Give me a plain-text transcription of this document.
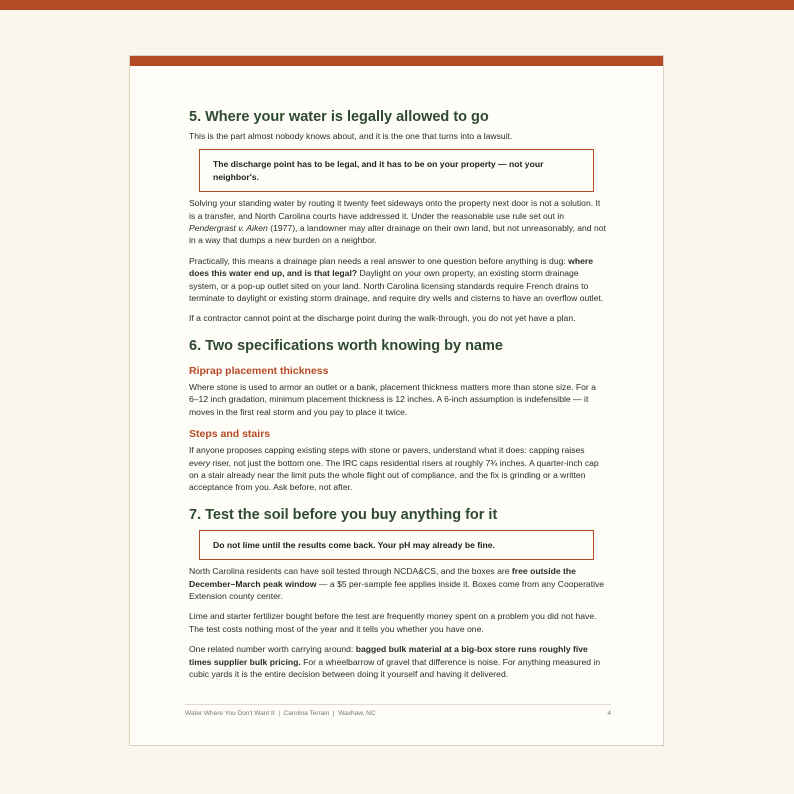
5. Where your water is legally allowed to go

This is the part almost nobody knows about, and it is the one that turns into a lawsuit.

The discharge point has to be legal, and it has to be on your property — not your neighbor's.

Solving your standing water by routing it twenty feet sideways onto the property next door is not a solution. It is a transfer, and North Carolina courts have addressed it. Under the reasonable use rule set out in Pendergrast v. Aiken (1977), a landowner may alter drainage on their own land, but not unreasonably, and not in a way that dumps a new burden on a neighbor.

Practically, this means a drainage plan needs a real answer to one question before anything is dug: where does this water end up, and is that legal? Daylight on your own property, an existing storm drainage system, or a pop-up outlet sited on your land. North Carolina licensing standards require French drains to terminate to daylight or existing storm drainage, and require dry wells and cisterns to have an overflow outlet.

If a contractor cannot point at the discharge point during the walk-through, you do not yet have a plan.

6. Two specifications worth knowing by name
Riprap placement thickness

Where stone is used to armor an outlet or a bank, placement thickness matters more than stone size. For a 6–12 inch gradation, minimum placement thickness is 12 inches. A 6-inch assumption is indefensible — it moves in the first real storm and you pay to place it twice.

Steps and stairs

If anyone proposes capping existing steps with stone or pavers, understand what it does: capping raises every riser, not just the bottom one. The IRC caps residential risers at roughly 7¾ inches. A quarter-inch cap on a stair already near the limit puts the whole flight out of compliance, and the fix is grinding or a written acceptance from you. Ask before, not after.

7. Test the soil before you buy anything for it
Do not lime until the results come back. Your pH may already be fine.

North Carolina residents can have soil tested through NCDA&CS, and the boxes are free outside the December–March peak window — a $5 per-sample fee applies inside it. Boxes come from any Cooperative Extension county center.

Lime and starter fertilizer bought before the test are frequently money spent on a problem you did not have. The test costs nothing most of the year and it tells you whether you have one.

One related number worth carrying around: bagged bulk material at a big-box store runs roughly five times supplier bulk pricing. For a wheelbarrow of gravel that difference is noise. For anything measured in cubic yards it is the entire decision between doing it yourself and having it delivered.

Water Where You Don't Want It  |  Carolina Terrain  |  Waxhaw, NC	4
